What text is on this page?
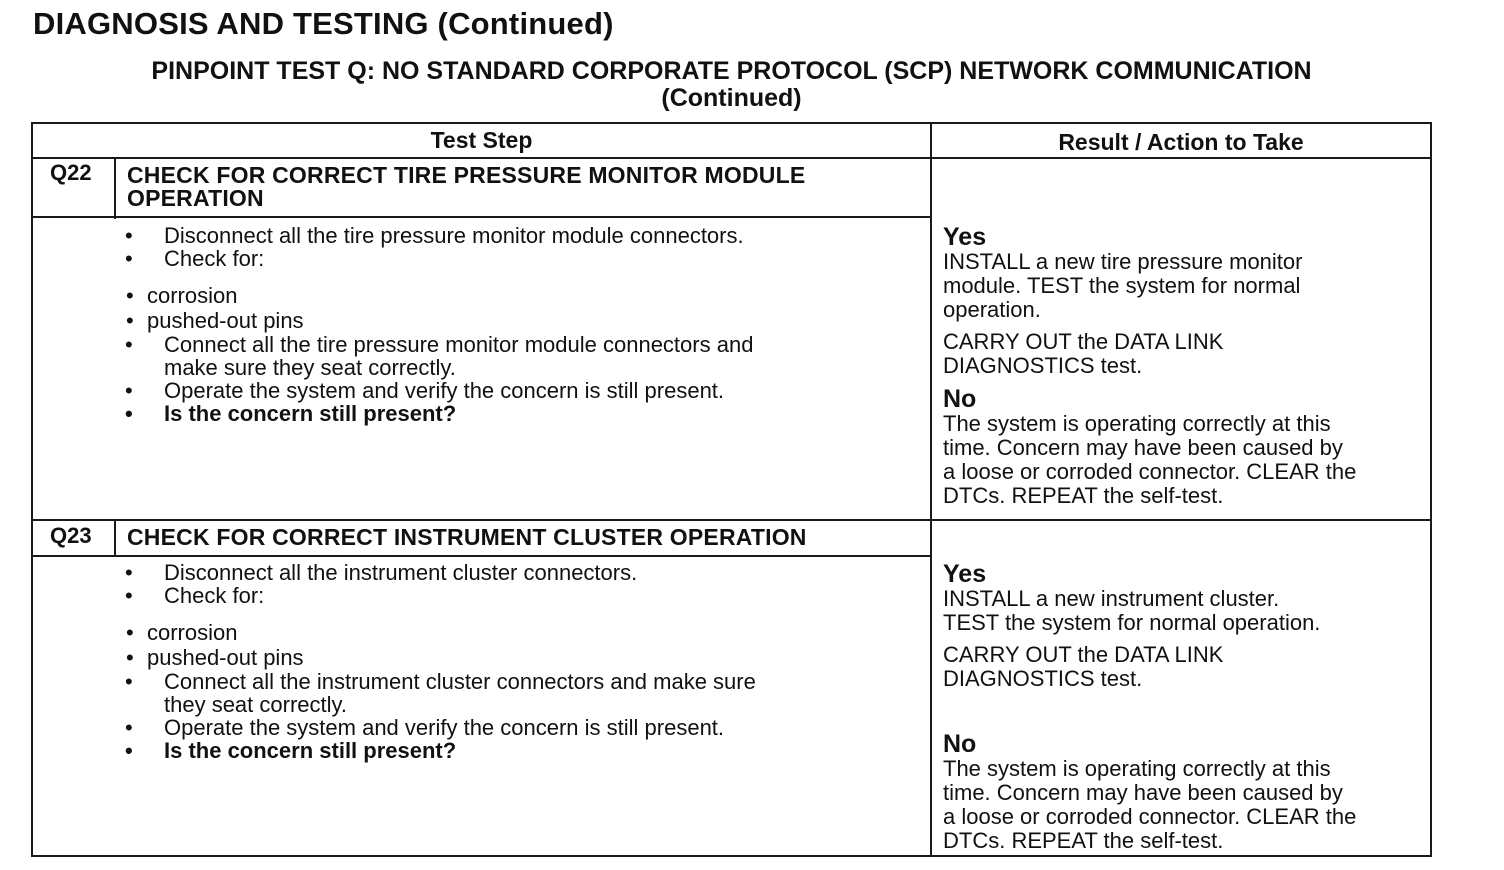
DIAGNOSIS AND TESTING (Continued)
PINPOINT TEST Q: NO STANDARD CORPORATE PROTOCOL (SCP) NETWORK COMMUNICATION
(Continued)
Test Step	Result / Action to Take
Q22 CHECK FOR CORRECT TIRE PRESSURE MONITOR MODULE
OPERATION
• Disconnect all the tire pressure monitor module connectors.
• Check for:
• corrosion
• pushed-out pins
• Connect all the tire pressure monitor module connectors and
make sure they seat correctly.
• Operate the system and verify the concern is still present.
• Is the concern still present?
Yes
INSTALL a new tire pressure monitor
module. TEST the system for normal
operation.
CARRY OUT the DATA LINK
DIAGNOSTICS test.
No
The system is operating correctly at this
time. Concern may have been caused by
a loose or corroded connector. CLEAR the
DTCs. REPEAT the self-test.
Q23 CHECK FOR CORRECT INSTRUMENT CLUSTER OPERATION
• Disconnect all the instrument cluster connectors.
• Check for:
• corrosion
• pushed-out pins
• Connect all the instrument cluster connectors and make sure
they seat correctly.
• Operate the system and verify the concern is still present.
• Is the concern still present?
Yes
INSTALL a new instrument cluster.
TEST the system for normal operation.
CARRY OUT the DATA LINK
DIAGNOSTICS test.
No
The system is operating correctly at this
time. Concern may have been caused by
a loose or corroded connector. CLEAR the
DTCs. REPEAT the self-test.
